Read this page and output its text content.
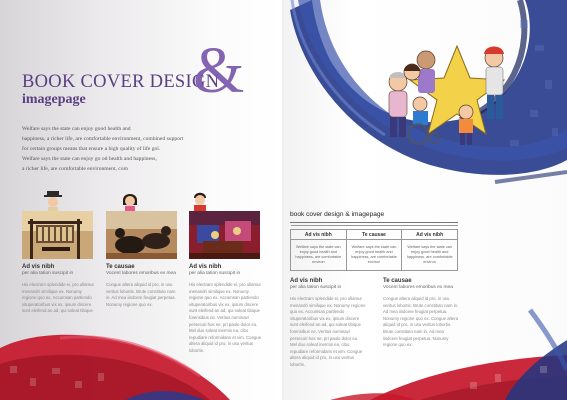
BOOK COVER DESIGN
imagepage &

Welfare says the state can enjoy good health and

happiness, a richer life, are comfortable environment, combined support

for certain groups means that ensure a high quality of life gol.

Welfare says the state can enjoy go od health and happiness,

a richer life, are comfortable environment, com

Ad vis nibh
per alia tation suscipit in
His electram splendide ei, pro ullamur menandri similique ex. Nonumy regione quo ex. Accumsan partiendo vituperatoribus vix ex, ipsum discere sunt eleifend an ad, qui soleat tibique
Te causae
Vocent labores emoribus ex mea
Congue altera aliquid id pro, in usu veritus lobortis. Brute constituto nam in. Ad mea iisdcere feugiat perpetua. Nonumy regione quo ex.
Ad vis nibh
per alia tation suscipit in
His electram splendide ei, pro ullamur menandri similique ex. Nonumy regione quo ex. Accumsan partiendo vituperatoribus vix ex, ipsum discere sunt eleifend an ad, qui soleat tibique forensibus ne. Veritus nominavi persecuti hos ne, pri paulo dolor eu. Mel duo soleat inermis ea, cibo repudiare reformidans et vim. Congue altera aliquid id pro, in usu veritus lobortis.
book cover design & imagepage

Ad vis nibh	Te causae	Ad vis nibh
Welfare says the state can enjoy good health and happiness, are comfortable environ	Welfare says the state can enjoy good health and happiness, are comfortable environ	Welfare says the state can enjoy good health and happiness, are comfortable environ
Ad vis nibh
per alia tation suscipit in
His electram splendide ei, pro ullamur menandri similique ex. Nonumy regione quo ex. Accumsan partiendo vituperatoribus vix ex, ipsum discere sunt eleifend an ad, qui soleat tibique forensibus ne. Veritus nominavi persecuti hos ne, pri paulo dolor eu. Mel duo soleat inermis ea, cibo repudiare reformidans et vim. Congue altera aliquid id pro, in usu veritus lobortis.
Te causae
Vocent labores emoribus ex mea
Congue altera aliquid id pro, in usu veritus lobortis. Brute constituto nam in. Ad mea iisdcere feugiat perpetua. Nonumy regione quo ex. Congue altera aliquid id pro, in usu veritus lobortis. Brute constituto nam in. Ad mea iisdcere feugiat perpetua. Nonumy regione quo ex.
